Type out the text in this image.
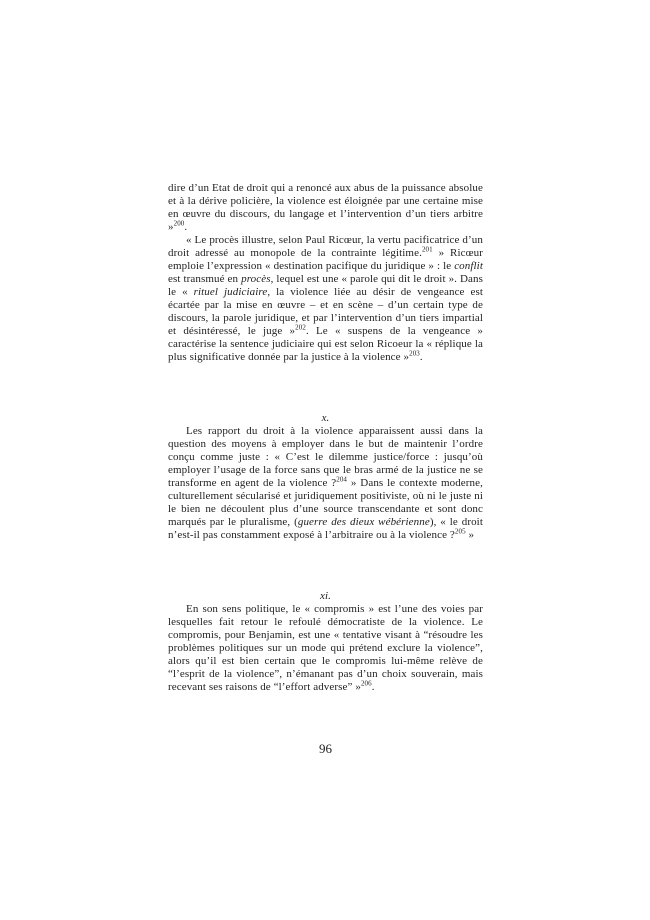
dire d’un Etat de droit qui a renoncé aux abus de la puissance absolue et à la dérive policière, la violence est éloignée par une certaine mise en œuvre du discours, du langage et l’intervention d’un tiers arbitre »$^{200}$.

« Le procès illustre, selon Paul Ricœur, la vertu pacificatrice d’un droit adressé au monopole de la contrainte légitime.$^{201}$ » Ricœur emploie l’expression « destination pacifique du juridique » : le conflit est transmué en procès, lequel est une « parole qui dit le droit ». Dans le « rituel judiciaire, la violence liée au désir de vengeance est écartée par la mise en œuvre – et en scène – d’un certain type de discours, la parole juridique, et par l’intervention d’un tiers impartial et désintéressé, le juge »$^{202}$. Le « suspens de la vengeance » caractérise la sentence judiciaire qui est selon Ricoeur la « réplique la plus significative donnée par la justice à la violence »$^{203}$.

x.

Les rapport du droit à la violence apparaissent aussi dans la question des moyens à employer dans le but de maintenir l’ordre conçu comme juste : « C’est le dilemme justice/force : jusqu’où employer l’usage de la force sans que le bras armé de la justice ne se transforme en agent de la violence ?$^{204}$ » Dans le contexte moderne, culturellement sécularisé et juridiquement positiviste, où ni le juste ni le bien ne découlent plus d’une source transcendante et sont donc marqués par le pluralisme, (guerre des dieux wébérienne), « le droit n’est-il pas constamment exposé à l’arbitraire ou à la violence ?$^{205}$ »

xi.

En son sens politique, le « compromis » est l’une des voies par lesquelles fait retour le refoulé démocratiste de la violence. Le compromis, pour Benjamin, est une « tentative visant à “résoudre les problèmes politiques sur un mode qui prétend exclure la violence”, alors qu’il est bien certain que le compromis lui-même relève de “l’esprit de la violence”, n’émanant pas d’un choix souverain, mais recevant ses raisons de “l’effort adverse” »$^{206}$.

96
